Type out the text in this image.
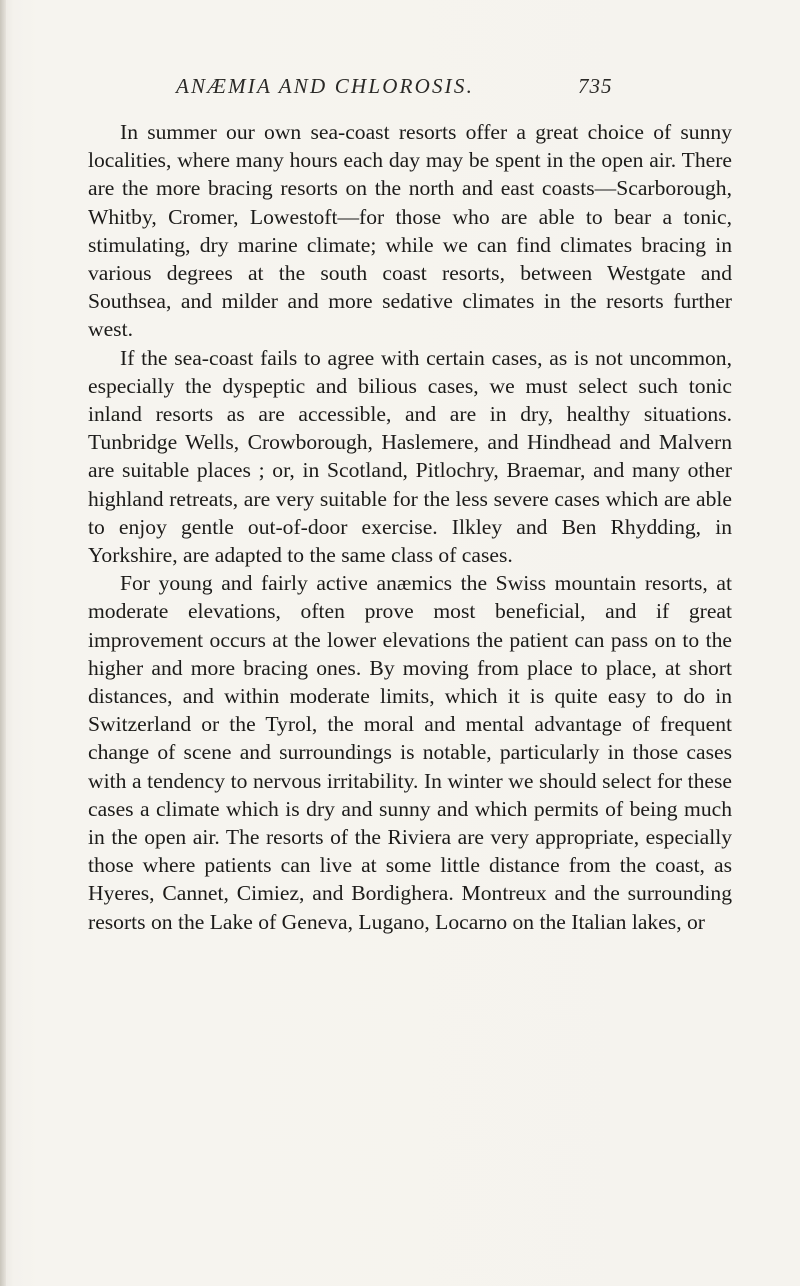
ANÆMIA AND CHLOROSIS.	735

In summer our own sea-coast resorts offer a great choice of sunny localities, where many hours each day may be spent in the open air. There are the more bracing resorts on the north and east coasts—Scarborough, Whitby, Cromer, Lowestoft—for those who are able to bear a tonic, stimulating, dry marine climate; while we can find climates bracing in various degrees at the south coast resorts, between Westgate and Southsea, and milder and more sedative climates in the resorts further west.

If the sea-coast fails to agree with certain cases, as is not uncommon, especially the dyspeptic and bilious cases, we must select such tonic inland resorts as are accessible, and are in dry, healthy situations. Tunbridge Wells, Crowborough, Haslemere, and Hindhead and Malvern are suitable places ; or, in Scotland, Pitlochry, Braemar, and many other highland retreats, are very suitable for the less severe cases which are able to enjoy gentle out-of-door exercise. Ilkley and Ben Rhydding, in Yorkshire, are adapted to the same class of cases.

For young and fairly active anæmics the Swiss mountain resorts, at moderate elevations, often prove most beneficial, and if great improvement occurs at the lower elevations the patient can pass on to the higher and more bracing ones. By moving from place to place, at short distances, and within moderate limits, which it is quite easy to do in Switzerland or the Tyrol, the moral and mental advantage of frequent change of scene and surroundings is notable, particularly in those cases with a tendency to nervous irritability. In winter we should select for these cases a climate which is dry and sunny and which permits of being much in the open air. The resorts of the Riviera are very appropriate, especially those where patients can live at some little distance from the coast, as Hyeres, Cannet, Cimiez, and Bordighera. Montreux and the surrounding resorts on the Lake of Geneva, Lugano, Locarno on the Italian lakes, or
